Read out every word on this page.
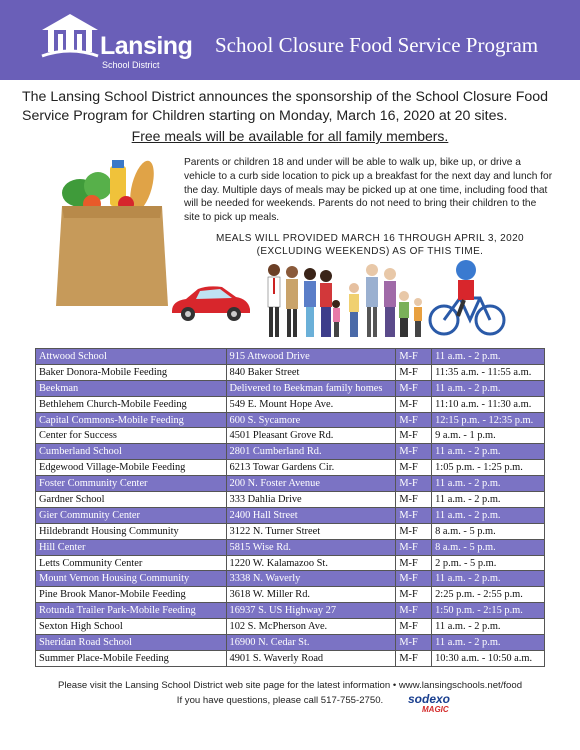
Lansing
School District
School Closure Food Service Program
The Lansing School District announces the sponsorship of the School Closure Food Service Program for Children starting on Monday, March 16, 2020 at 20 sites.
Free meals will be available for all family members.
Parents or children 18 and under will be able to walk up, bike up, or drive a vehicle to a curb side location to pick up a breakfast for the next day and lunch for the day. Multiple days of meals may be picked up at one time, including food that will be needed for weekends. Parents do not need to bring their children to the site to pick up meals.
MEALS WILL PROVIDED MARCH 16 THROUGH APRIL 3, 2020
(EXCLUDING WEEKENDS) AS OF THIS TIME.
Attwood School	915 Attwood Drive	M-F	11 a.m. - 2 p.m.
Baker Donora-Mobile Feeding	840 Baker Street	M-F	11:35 a.m. - 11:55 a.m.
Beekman	Delivered to Beekman family homes	M-F	11 a.m. - 2 p.m.
Bethlehem Church-Mobile Feeding	549 E. Mount Hope Ave.	M-F	11:10 a.m. - 11:30 a.m.
Capital Commons-Mobile Feeding	600 S. Sycamore	M-F	12:15 p.m. - 12:35 p.m.
Center for Success	4501 Pleasant Grove Rd.	M-F	9 a.m. - 1 p.m.
Cumberland School	2801 Cumberland Rd.	M-F	11 a.m. - 2 p.m.
Edgewood Village-Mobile Feeding	6213 Towar Gardens Cir.	M-F	1:05 p.m. - 1:25 p.m.
Foster Community Center	200 N. Foster Avenue	M-F	11 a.m. - 2 p.m.
Gardner School	333 Dahlia Drive	M-F	11 a.m. - 2 p.m.
Gier Community Center	2400 Hall Street	M-F	11 a.m. - 2 p.m.
Hildebrandt Housing Community	3122 N. Turner Street	M-F	8 a.m. - 5 p.m.
Hill Center	5815 Wise Rd.	M-F	8 a.m. - 5 p.m.
Letts Community Center	1220 W. Kalamazoo St.	M-F	2 p.m. - 5 p.m.
Mount Vernon Housing Community	3338 N. Waverly	M-F	11 a.m. - 2 p.m.
Pine Brook Manor-Mobile Feeding	3618 W. Miller Rd.	M-F	2:25 p.m. - 2:55 p.m.
Rotunda Trailer Park-Mobile Feeding	16937 S. US Highway 27	M-F	1:50 p.m. - 2:15 p.m.
Sexton High School	102 S. McPherson Ave.	M-F	11 a.m. - 2 p.m.
Sheridan Road School	16900 N. Cedar St.	M-F	11 a.m. - 2 p.m.
Summer Place-Mobile Feeding	4901 S. Waverly Road	M-F	10:30 a.m. - 10:50 a.m.
Please visit the Lansing School District web site page for the latest information • www.lansingschools.net/food
If you have questions, please call 517-755-2750.	sodexo
MAGIC
